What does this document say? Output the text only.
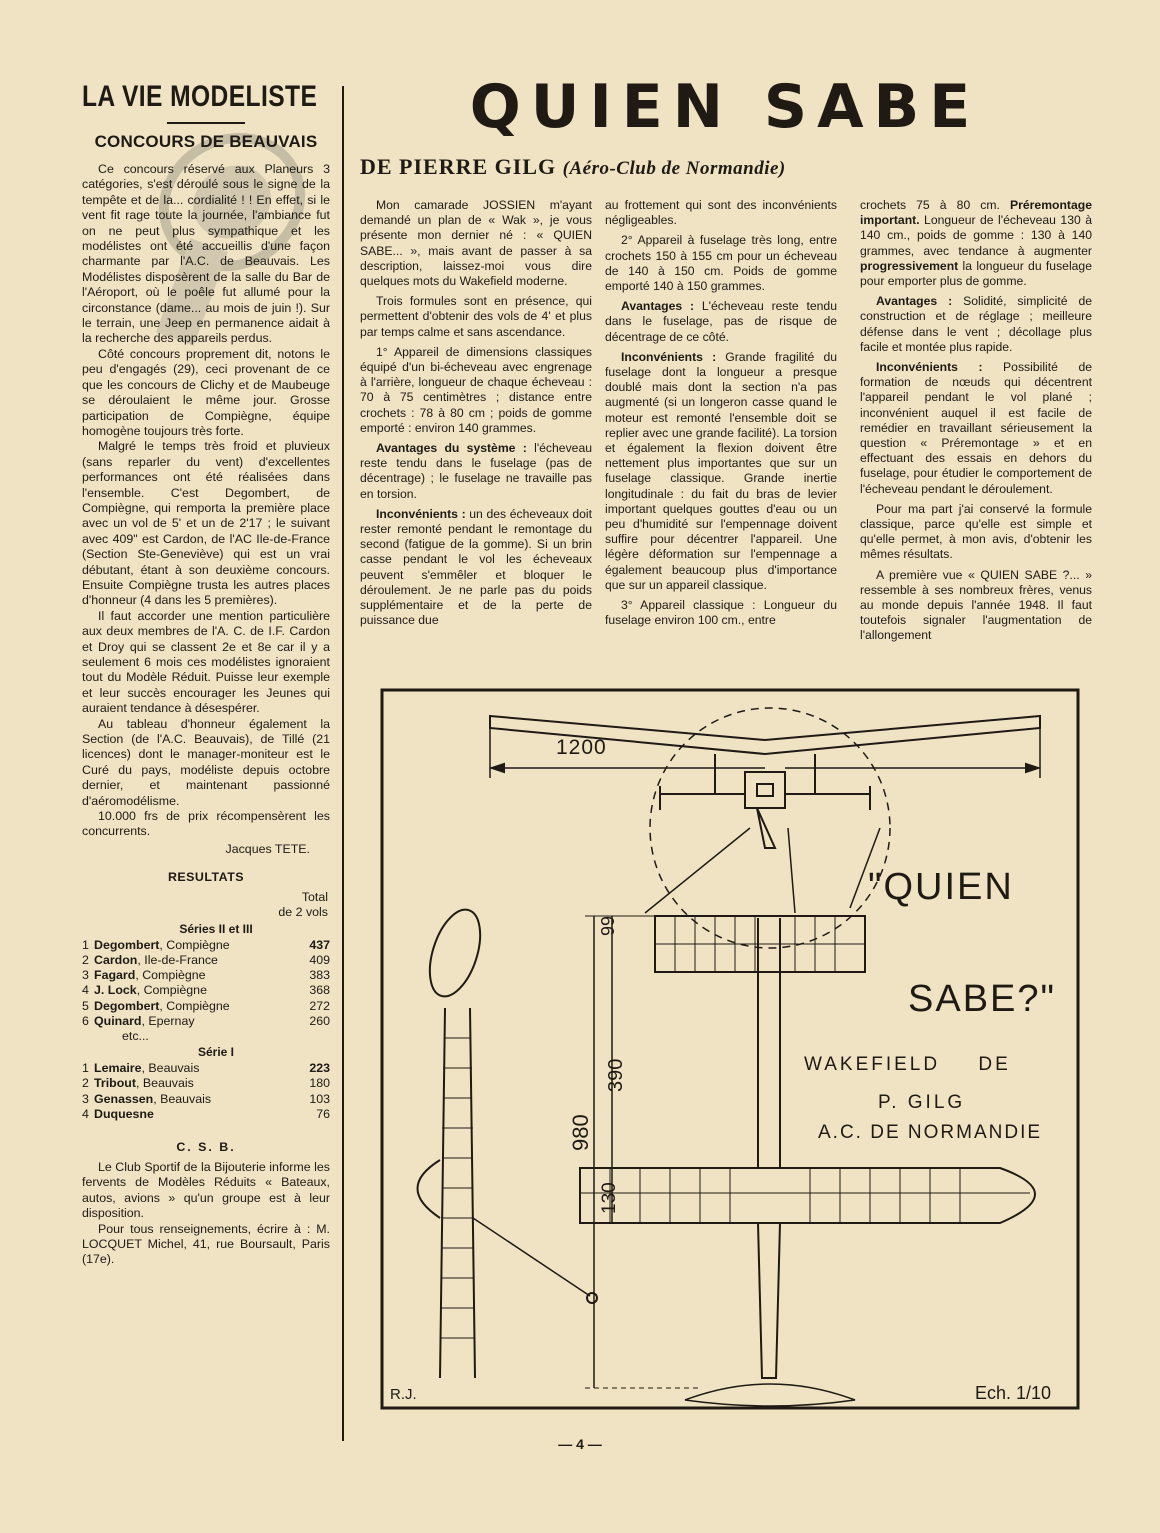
LA VIE MODELISTE
CONCOURS DE BEAUVAIS

Ce concours réservé aux Planeurs 3 catégories, s'est déroulé sous le signe de la tempête et de la... cordialité ! ! En effet, si le vent fit rage toute la journée, l'ambiance fut on ne peut plus sympathique et les modélistes ont été accueillis d'une façon charmante par l'A.C. de Beauvais. Les Modélistes disposèrent de la salle du Bar de l'Aéroport, où le poêle fut allumé pour la circonstance (dame... au mois de juin !). Sur le terrain, une Jeep en permanence aidait à la recherche des appareils perdus.

Côté concours proprement dit, notons le peu d'engagés (29), ceci provenant de ce que les concours de Clichy et de Maubeuge se déroulaient le même jour. Grosse participation de Compiègne, équipe homogène toujours très forte.

Malgré le temps très froid et pluvieux (sans reparler du vent) d'excellentes performances ont été réalisées dans l'ensemble. C'est Degombert, de Compiègne, qui remporta la première place avec un vol de 5' et un de 2'17 ; le suivant avec 409" est Cardon, de l'AC Ile-de-France (Section Ste-Geneviève) qui est un vrai débutant, étant à son deuxième concours. Ensuite Compiègne trusta les autres places d'honneur (4 dans les 5 premières).

Il faut accorder une mention particulière aux deux membres de l'A. C. de I.F. Cardon et Droy qui se classent 2e et 8e car il y a seulement 6 mois ces modélistes ignoraient tout du Modèle Réduit. Puisse leur exemple et leur succès encourager les Jeunes qui auraient tendance à désespérer.

Au tableau d'honneur également la Section (de l'A.C. Beauvais), de Tillé (21 licences) dont le manager-moniteur est le Curé du pays, modéliste depuis octobre dernier, et maintenant passionné d'aéromodélisme.

10.000 frs de prix récompensèrent les concurrents.

Jacques TETE.

RESULTATS
Total
de 2 vols
Séries II et III
1	Degombert, Compiègne	437
2	Cardon, Ile-de-France	409
3	Fagard, Compiègne	383
4	J. Lock, Compiègne	368
5	Degombert, Compiègne	272
6	Quinard, Epernay	260
etc...
Série I
1	Lemaire, Beauvais	223
2	Tribout, Beauvais	180
3	Genassen, Beauvais	103
4	Duquesne	76
C. S. B.

Le Club Sportif de la Bijouterie informe les fervents de Modèles Réduits « Bateaux, autos, avions » qu'un groupe est à leur disposition.

Pour tous renseignements, écrire à : M. LOCQUET Michel, 41, rue Boursault, Paris (17e).

QUIEN SABE
DE PIERRE GILG (Aéro-Club de Normandie)

Mon camarade JOSSIEN m'ayant demandé un plan de « Wak », je vous présente mon dernier né : « QUIEN SABE... », mais avant de passer à sa description, laissez-moi vous dire quelques mots du Wakefield moderne.

Trois formules sont en présence, qui permettent d'obtenir des vols de 4' et plus par temps calme et sans ascendance.

1° Appareil de dimensions classiques équipé d'un bi-écheveau avec engrenage à l'arrière, longueur de chaque écheveau : 70 à 75 centimètres ; distance entre crochets : 78 à 80 cm ; poids de gomme emporté : environ 140 grammes.

Avantages du système : l'écheveau reste tendu dans le fuselage (pas de décentrage) ; le fuselage ne travaille pas en torsion.

Inconvénients : un des écheveaux doit rester remonté pendant le remontage du second (fatigue de la gomme). Si un brin casse pendant le vol les écheveaux peuvent s'emmêler et bloquer le déroulement. Je ne parle pas du poids supplémentaire et de la perte de puissance due

au frottement qui sont des inconvénients négligeables.

2° Appareil à fuselage très long, entre crochets 150 à 155 cm pour un écheveau de 140 à 150 cm. Poids de gomme emporté 140 à 150 grammes.

Avantages : L'écheveau reste tendu dans le fuselage, pas de risque de décentrage de ce côté.

Inconvénients : Grande fragilité du fuselage dont la longueur a presque doublé mais dont la section n'a pas augmenté (si un longeron casse quand le moteur est remonté l'ensemble doit se replier avec une grande facilité). La torsion et également la flexion doivent être nettement plus importantes que sur un fuselage classique. Grande inertie longitudinale : du fait du bras de levier important quelques gouttes d'eau ou un peu d'humidité sur l'empennage doivent suffire pour décentrer l'appareil. Une légère déformation sur l'empennage a également beaucoup plus d'importance que sur un appareil classique.

3° Appareil classique : Longueur du fuselage environ 100 cm., entre

crochets 75 à 80 cm. Préremontage important. Longueur de l'écheveau 130 à 140 cm., poids de gomme : 130 à 140 grammes, avec tendance à augmenter progressivement la longueur du fuselage pour emporter plus de gomme.

Avantages : Solidité, simplicité de construction et de réglage ; meilleure défense dans le vent ; décollage plus facile et montée plus rapide.

Inconvénients : Possibilité de formation de nœuds qui décentrent l'appareil pendant le vol plané ; inconvénient auquel il est facile de remédier en travaillant sérieusement la question « Préremontage » et en effectuant des essais en dehors du fuselage, pour étudier le comportement de l'écheveau pendant le déroulement.

Pour ma part j'ai conservé la formule classique, parce qu'elle est simple et qu'elle permet, à mon avis, d'obtenir les mêmes résultats.

A première vue « QUIEN SABE ?... » ressemble à ses nombreux frères, venus au monde depuis l'année 1948. Il faut toutefois signaler l'augmentation de l'allongement

1200
99
390
980
130
"QUIEN
SABE?"
WAKEFIELD DE
P. GILG
A.C. DE NORMANDIE
R.J.	Ech. 1/10
— 4 —
